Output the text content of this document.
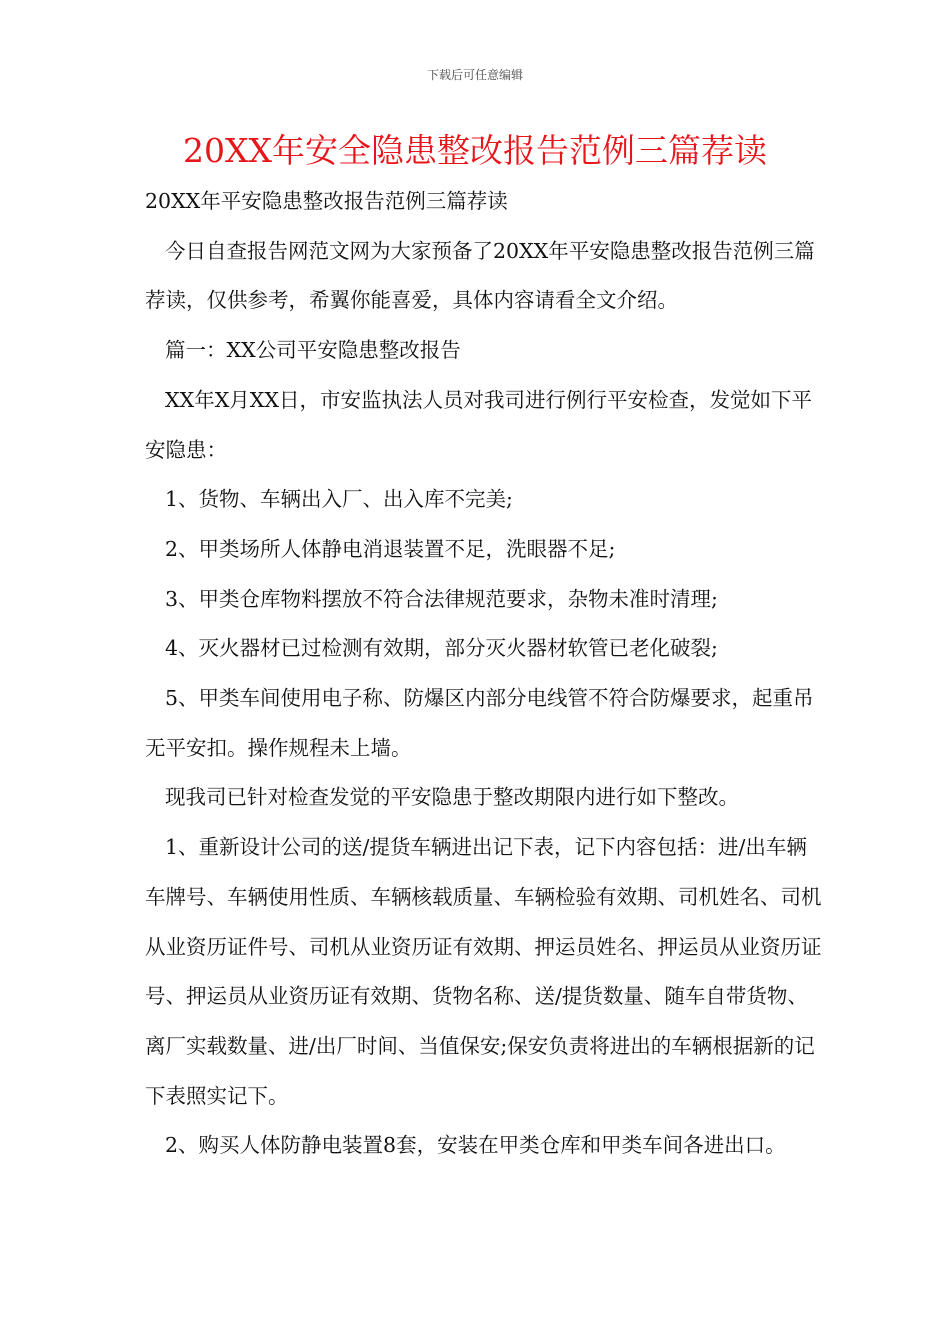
下载后可任意编辑
20XX年安全隐患整改报告范例三篇荐读

20XX年平安隐患整改报告范例三篇荐读

今日自查报告网范文网为大家预备了20XX年平安隐患整改报告范例三篇荐读，仅供参考，希翼你能喜爱，具体内容请看全文介绍。

篇一：XX公司平安隐患整改报告

XX年X月XX日，市安监执法人员对我司进行例行平安检查，发觉如下平安隐患：

1、货物、车辆出入厂、出入库不完美;

2、甲类场所人体静电消退装置不足，洗眼器不足;

3、甲类仓库物料摆放不符合法律规范要求，杂物未准时清理;

4、灭火器材已过检测有效期，部分灭火器材软管已老化破裂;

5、甲类车间使用电子称、防爆区内部分电线管不符合防爆要求，起重吊无平安扣。操作规程未上墙。

现我司已针对检查发觉的平安隐患于整改期限内进行如下整改。

1、重新设计公司的送/提货车辆进出记下表，记下内容包括：进/出车辆车牌号、车辆使用性质、车辆核载质量、车辆检验有效期、司机姓名、司机从业资历证件号、司机从业资历证有效期、押运员姓名、押运员从业资历证号、押运员从业资历证有效期、货物名称、送/提货数量、随车自带货物、离厂实载数量、进/出厂时间、当值保安;保安负责将进出的车辆根据新的记下表照实记下。

2、购买人体防静电装置8套，安装在甲类仓库和甲类车间各进出口。
